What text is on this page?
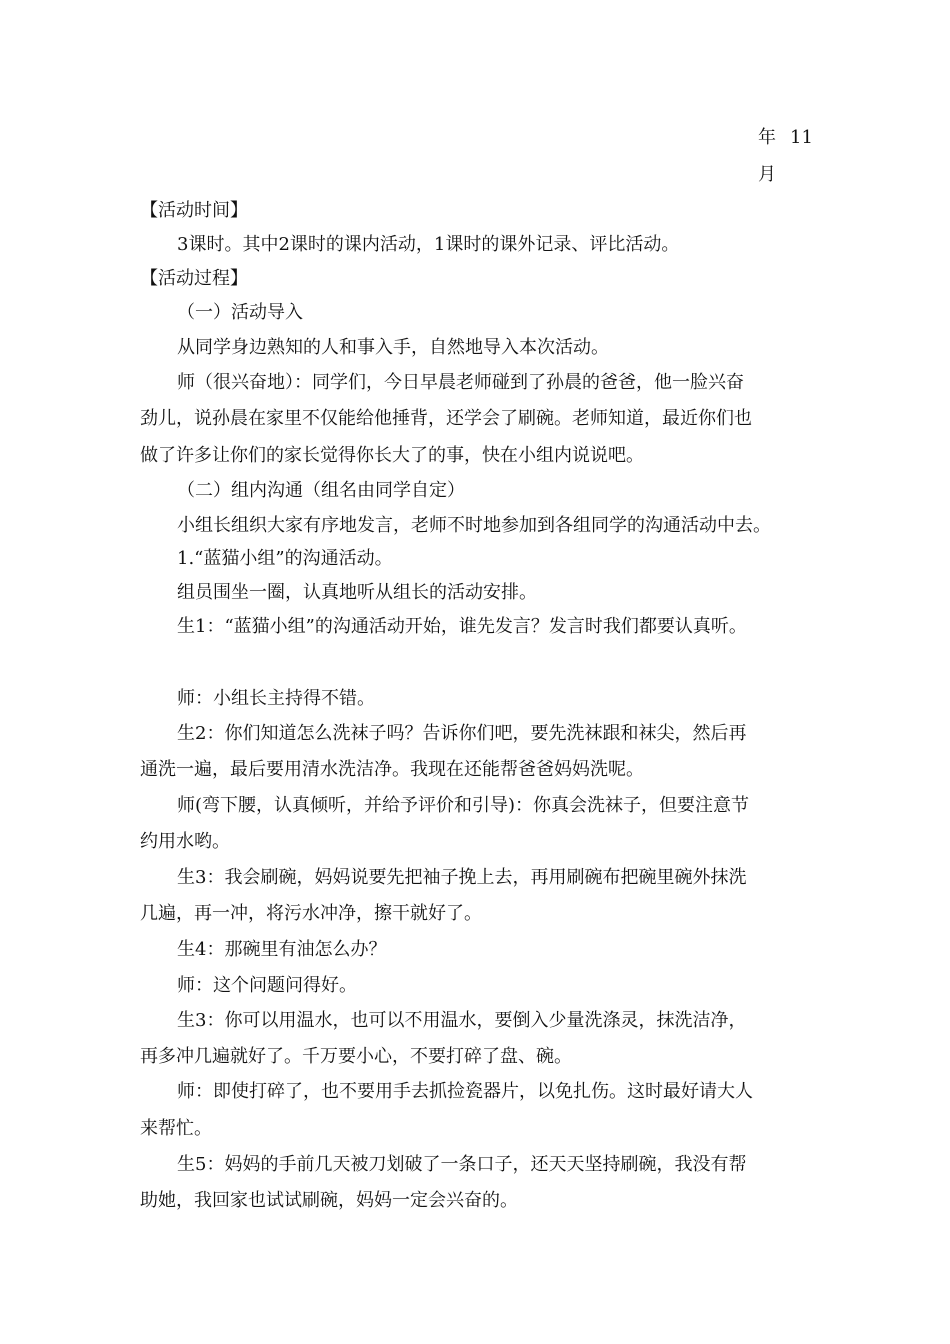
年 11
月
【活动时间】
3课时。其中2课时的课内活动，1课时的课外记录、评比活动。
【活动过程】
（一）活动导入
从同学身边熟知的人和事入手，自然地导入本次活动。
师（很兴奋地）：同学们，今日早晨老师碰到了孙晨的爸爸，他一脸兴奋
劲儿，说孙晨在家里不仅能给他捶背，还学会了刷碗。老师知道，最近你们也
做了许多让你们的家长觉得你长大了的事，快在小组内说说吧。
（二）组内沟通（组名由同学自定）
小组长组织大家有序地发言，老师不时地参加到各组同学的沟通活动中去。
1.“蓝猫小组”的沟通活动。
组员围坐一圈，认真地听从组长的活动安排。
生1：“蓝猫小组”的沟通活动开始，谁先发言？发言时我们都要认真听。
师：小组长主持得不错。
生2：你们知道怎么洗袜子吗？告诉你们吧，要先洗袜跟和袜尖，然后再
通洗一遍，最后要用清水洗洁净。我现在还能帮爸爸妈妈洗呢。
师(弯下腰，认真倾听，并给予评价和引导)：你真会洗袜子，但要注意节
约用水哟。
生3：我会刷碗，妈妈说要先把袖子挽上去，再用刷碗布把碗里碗外抹洗
几遍，再一冲，将污水冲净，擦干就好了。
生4：那碗里有油怎么办？
师：这个问题问得好。
生3：你可以用温水，也可以不用温水，要倒入少量洗涤灵，抹洗洁净，
再多冲几遍就好了。千万要小心，不要打碎了盘、碗。
师：即使打碎了，也不要用手去抓捡瓷器片，以免扎伤。这时最好请大人
来帮忙。
生5：妈妈的手前几天被刀划破了一条口子，还天天坚持刷碗，我没有帮
助她，我回家也试试刷碗，妈妈一定会兴奋的。
